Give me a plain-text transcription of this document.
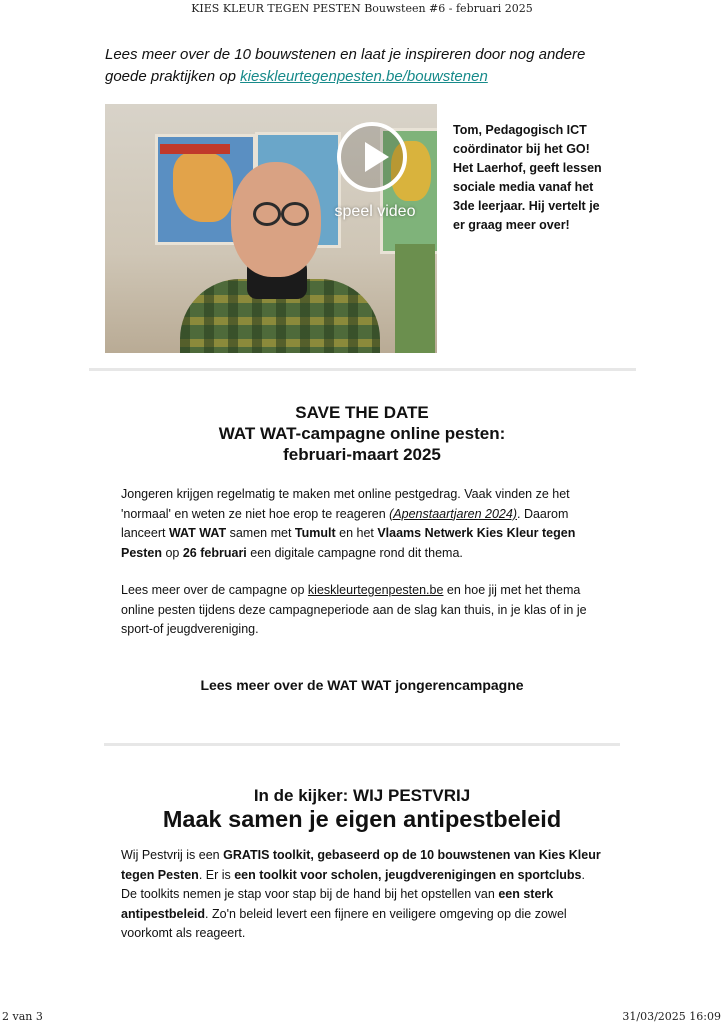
KIES KLEUR TEGEN PESTEN Bouwsteen #6 - februari 2025
Lees meer over de 10 bouwstenen en laat je inspireren door nog andere goede praktijken op kieskleurtegenpesten.be/bouwstenen
speel video
Tom, Pedagogisch ICT coördinator bij het GO! Het Laerhof, geeft lessen sociale media vanaf het 3de leerjaar. Hij vertelt je er graag meer over!
SAVE THE DATE
WAT WAT-campagne online pesten:
februari-maart 2025
Jongeren krijgen regelmatig te maken met online pestgedrag. Vaak vinden ze het 'normaal' en weten ze niet hoe erop te reageren (Apenstaartjaren 2024). Daarom lanceert WAT WAT samen met Tumult en het Vlaams Netwerk Kies Kleur tegen Pesten op 26 februari een digitale campagne rond dit thema.
Lees meer over de campagne op kieskleurtegenpesten.be en hoe jij met het thema online pesten tijdens deze campagneperiode aan de slag kan thuis, in je klas of in je sport-of jeugdvereniging.
Lees meer over de WAT WAT jongerencampagne
In de kijker: WIJ PESTVRIJ
Maak samen je eigen antipestbeleid
Wij Pestvrij is een GRATIS toolkit, gebaseerd op de 10 bouwstenen van Kies Kleur tegen Pesten. Er is een toolkit voor scholen, jeugdverenigingen en sportclubs. De toolkits nemen je stap voor stap bij de hand bij het opstellen van een sterk antipestbeleid. Zo'n beleid levert een fijnere en veiligere omgeving op die zowel voorkomt als reageert.
2 van 3	31/03/2025 16:09
